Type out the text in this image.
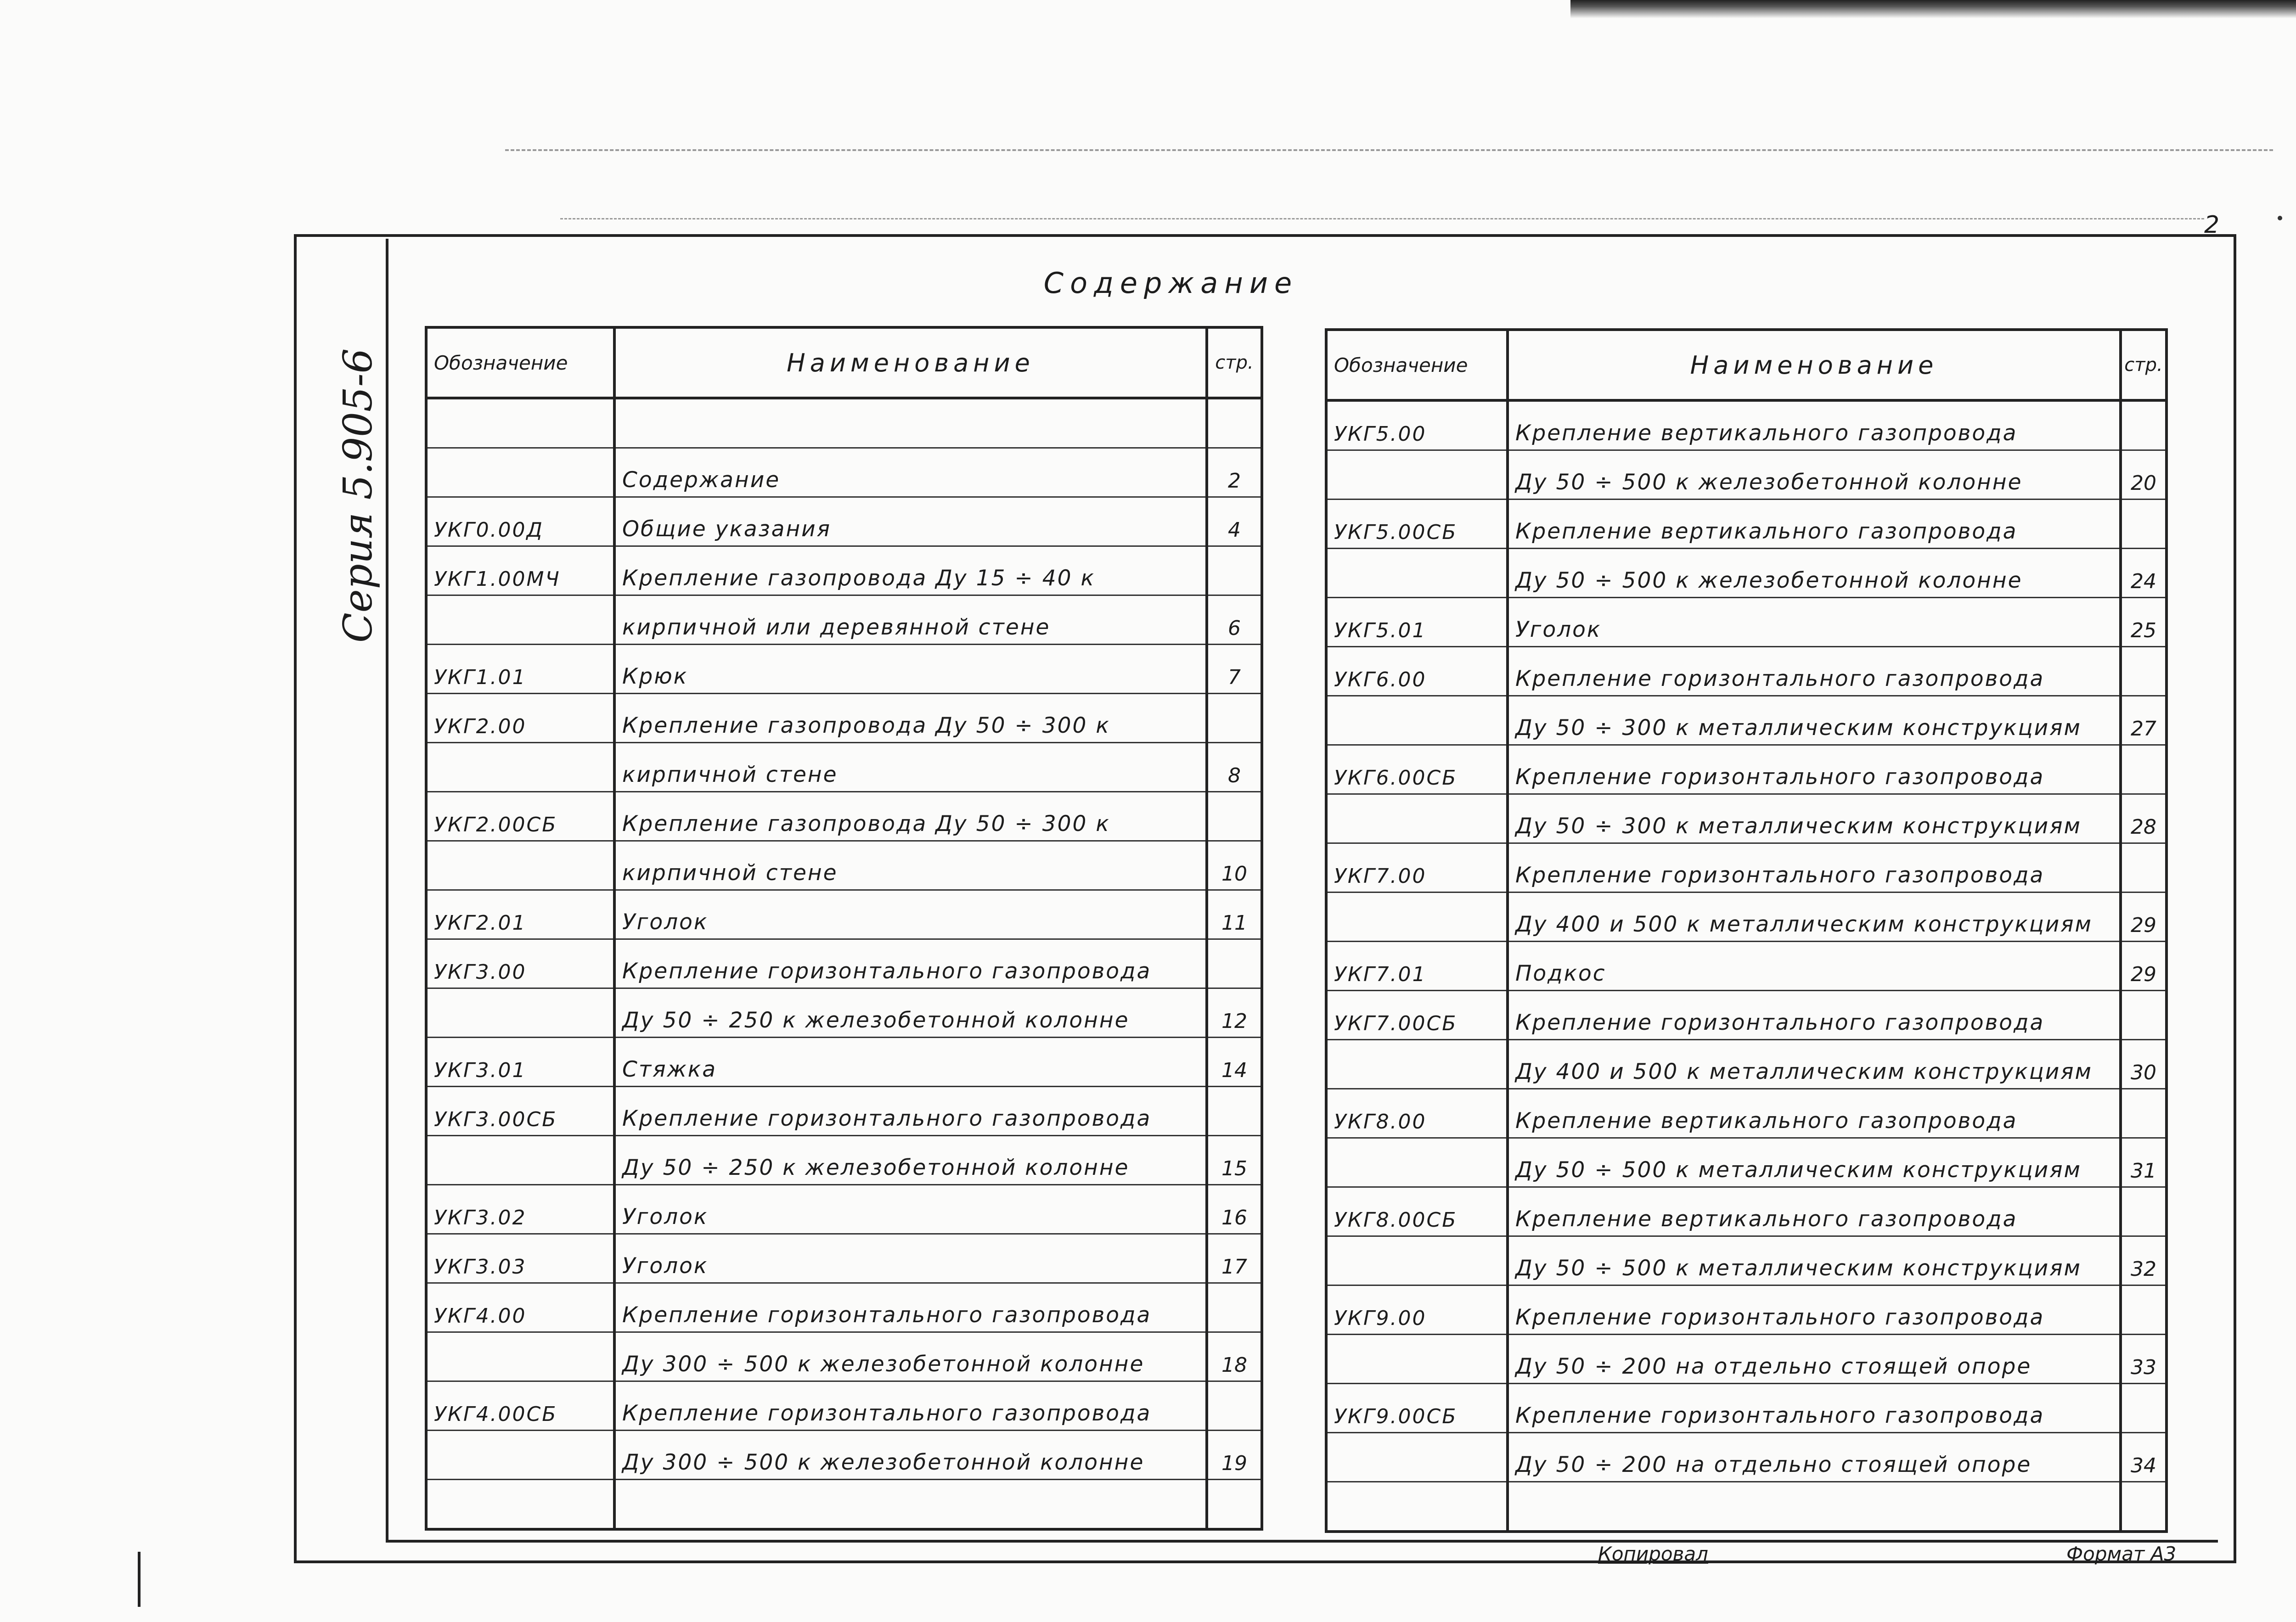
2
Содержание
Серия 5.905-6	Обозначение	Наименование	стр.

	Содержание	2
УКГ0.00Д	Общие указания	4
УКГ1.00МЧ	Крепление газопровода Ду 15 ÷ 40 к	
	кирпичной или деревянной стене	6
УКГ1.01	Крюк	7
УКГ2.00	Крепление газопровода Ду 50 ÷ 300 к	
	кирпичной стене	8
УКГ2.00СБ	Крепление газопровода Ду 50 ÷ 300 к	
	кирпичной стене	10
УКГ2.01	Уголок	11
УКГ3.00	Крепление горизонтального газопровода	
	Ду 50 ÷ 250 к железобетонной колонне	12
УКГ3.01	Стяжка	14
УКГ3.00СБ	Крепление горизонтального газопровода	
	Ду 50 ÷ 250 к железобетонной колонне	15
УКГ3.02	Уголок	16
УКГ3.03	Уголок	17
УКГ4.00	Крепление горизонтального газопровода	
	Ду 300 ÷ 500 к железобетонной колонне	18
УКГ4.00СБ	Крепление горизонтального газопровода	
	Ду 300 ÷ 500 к железобетонной колонне	19

Обозначение	Наименование	стр.
УКГ5.00	Крепление вертикального газопровода	
	Ду 50 ÷ 500 к железобетонной колонне	20
УКГ5.00СБ	Крепление вертикального газопровода	
	Ду 50 ÷ 500 к железобетонной колонне	24
УКГ5.01	Уголок	25
УКГ6.00	Крепление горизонтального газопровода	
	Ду 50 ÷ 300 к металлическим конструкциям	27
УКГ6.00СБ	Крепление горизонтального газопровода	
	Ду 50 ÷ 300 к металлическим конструкциям	28
УКГ7.00	Крепление горизонтального газопровода	
	Ду 400 и 500 к металлическим конструкциям	29
УКГ7.01	Подкос	29
УКГ7.00СБ	Крепление горизонтального газопровода	
	Ду 400 и 500 к металлическим конструкциям	30
УКГ8.00	Крепление вертикального газопровода	
	Ду 50 ÷ 500 к металлическим конструкциям	31
УКГ8.00СБ	Крепление вертикального газопровода	
	Ду 50 ÷ 500 к металлическим конструкциям	32
УКГ9.00	Крепление горизонтального газопровода	
	Ду 50 ÷ 200 на отдельно стоящей опоре	33
УКГ9.00СБ	Крепление горизонтального газопровода	
	Ду 50 ÷ 200 на отдельно стоящей опоре	34

Копировал	Формат А3
